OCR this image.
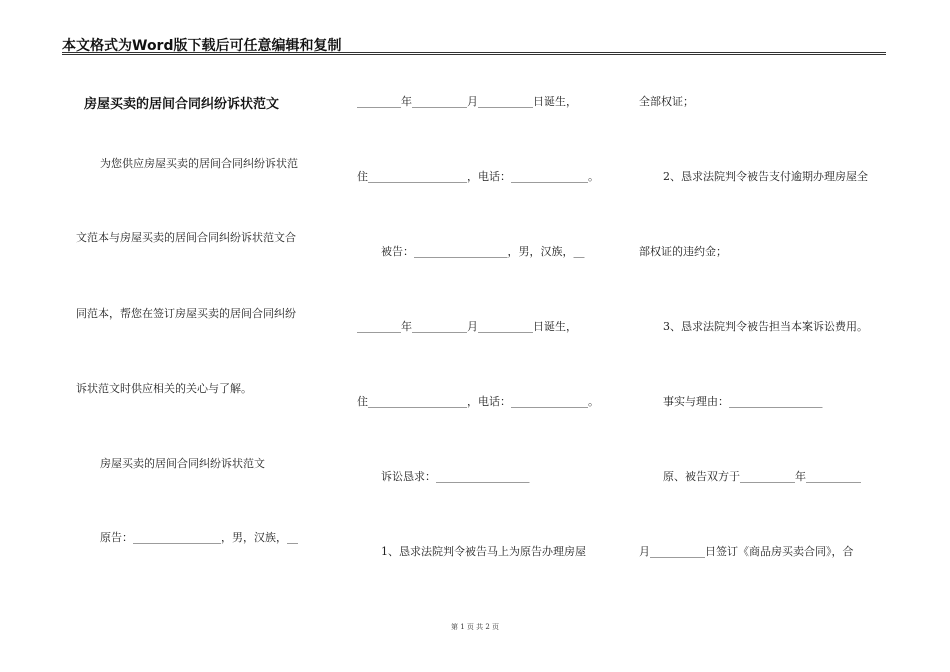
本文格式为Word版下载后可任意编辑和复制
房屋买卖的居间合同纠纷诉状范文
为您供应房屋买卖的居间合同纠纷诉状范
文范本与房屋买卖的居间合同纠纷诉状范文合
同范本，帮您在签订房屋买卖的居间合同纠纷
诉状范文时供应相关的关心与了解。
房屋买卖的居间合同纠纷诉状范文
原告：________________，男，汉族，__
________年__________月__________日诞生，
住__________________，电话：______________。
被告：_________________，男，汉族，__
________年__________月__________日诞生，
住__________________，电话：______________。
诉讼恳求：_________________
1、恳求法院判令被告马上为原告办理房屋
全部权证；
2、恳求法院判令被告支付逾期办理房屋全
部权证的违约金；
3、恳求法院判令被告担当本案诉讼费用。
事实与理由：_________________
原、被告双方于__________年__________
月__________日签订《商品房买卖合同》，合
第 1 页 共 2 页
